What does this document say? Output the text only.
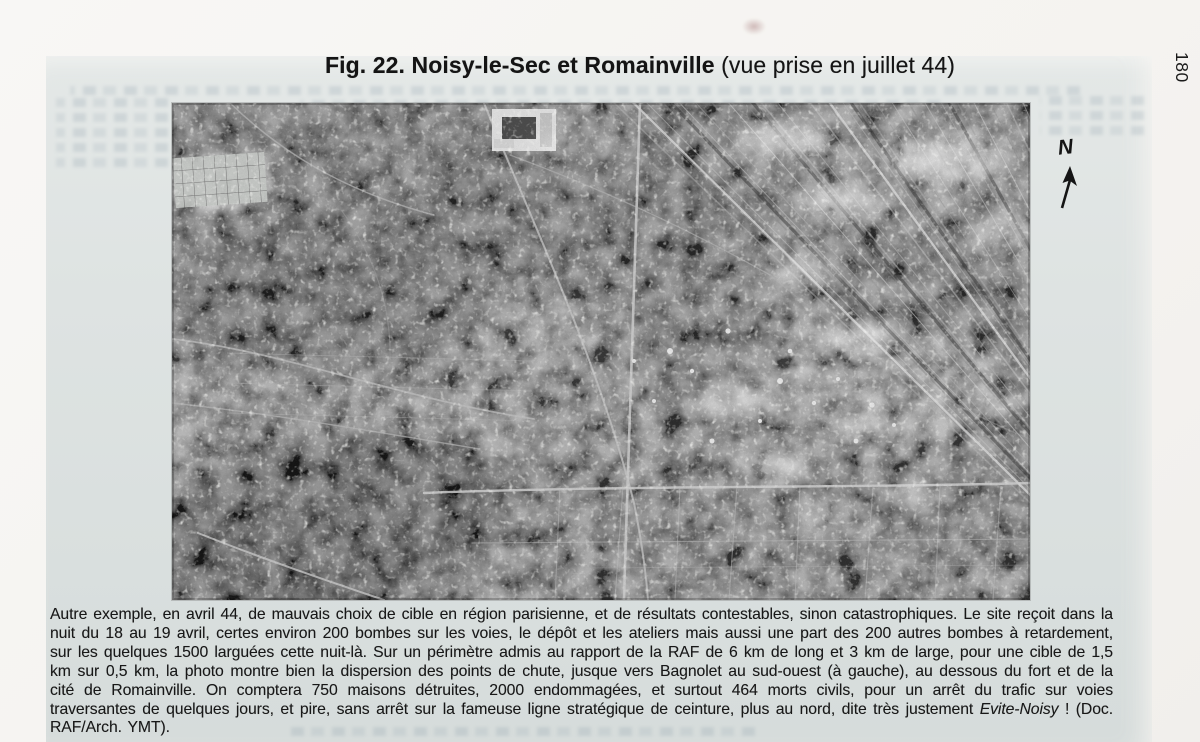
Fig. 22. Noisy-le-Sec et Romainville (vue prise en juillet 44)
N
180

Autre exemple, en avril 44, de mauvais choix de cible en région parisienne, et de résultats contestables, sinon catastrophiques. Le site reçoit dans la nuit du 18 au 19 avril, certes environ 200 bombes sur les voies, le dépôt et les ateliers mais aussi une part des 200 autres bombes à retardement, sur les quelques 1500 larguées cette nuit-là. Sur un périmètre admis au rapport de la RAF de 6 km de long et 3 km de large, pour une cible de 1,5 km sur 0,5 km, la photo montre bien la dispersion des points de chute, jusque vers Bagnolet au sud-ouest (à gauche), au dessous du fort et de la cité de Romainville. On comptera 750 maisons détruites, 2000 endommagées, et surtout 464 morts civils, pour un arrêt du trafic sur voies traversantes de quelques jours, et pire, sans arrêt sur la fameuse ligne stratégique de ceinture, plus au nord, dite très justement Evite-Noisy ! (Doc. RAF/Arch. YMT).
